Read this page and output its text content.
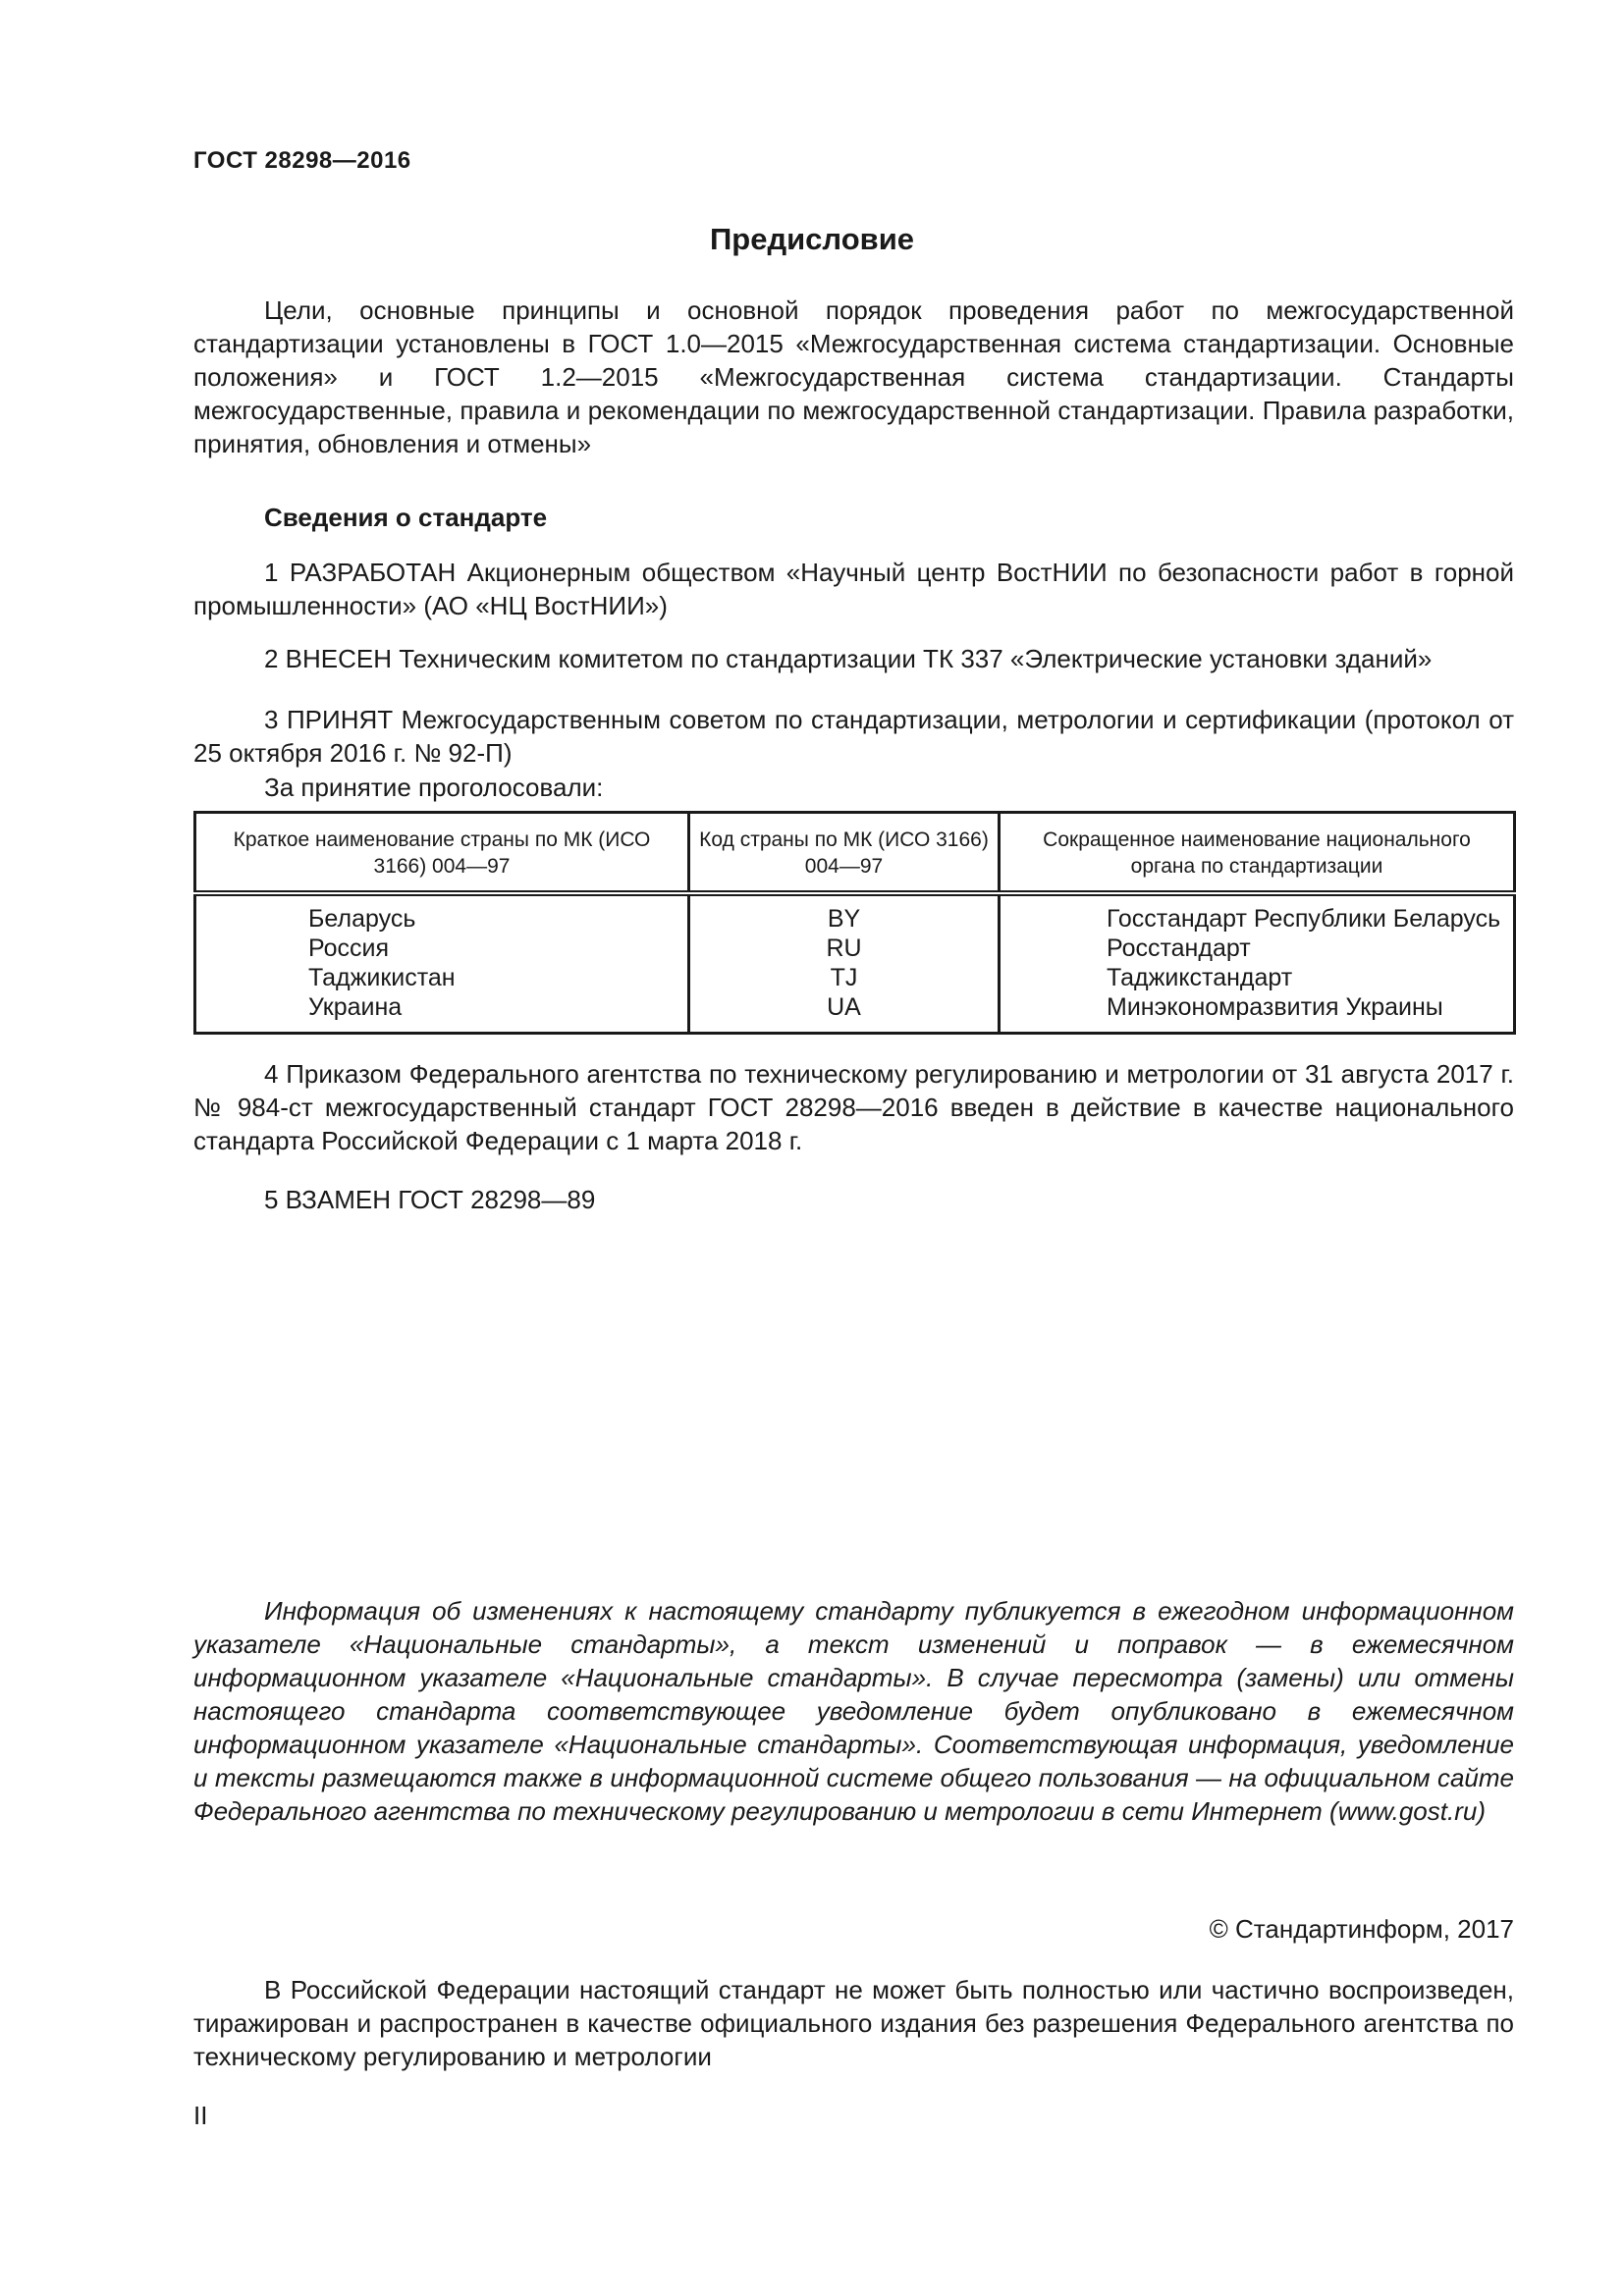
ГОСТ 28298—2016
Предисловие
Цели, основные принципы и основной порядок проведения работ по межгосударственной стандартизации установлены в ГОСТ 1.0—2015 «Межгосударственная система стандартизации. Основные положения» и ГОСТ 1.2—2015 «Межгосударственная система стандартизации. Стандарты межгосударственные, правила и рекомендации по межгосударственной стандартизации. Правила разработки, принятия, обновления и отмены»
Сведения о стандарте
1 РАЗРАБОТАН Акционерным обществом «Научный центр ВостНИИ по безопасности работ в горной промышленности» (АО «НЦ ВостНИИ»)
2 ВНЕСЕН Техническим комитетом по стандартизации ТК 337 «Электрические установки зданий»
3 ПРИНЯТ Межгосударственным советом по стандартизации, метрологии и сертификации (протокол от 25 октября 2016 г. № 92-П)
За принятие проголосовали:
Краткое наименование страны по МК (ИСО 3166) 004—97	Код страны по МК (ИСО 3166) 004—97	Сокращенное наименование национального органа по стандартизации
Беларусь	BY	Госстандарт Республики Беларусь
Россия	RU	Росстандарт
Таджикистан	TJ	Таджикстандарт
Украина	UA	Минэкономразвития Украины
4 Приказом Федерального агентства по техническому регулированию и метрологии от 31 августа 2017 г. № 984-ст межгосударственный стандарт ГОСТ 28298—2016 введен в действие в качестве национального стандарта Российской Федерации с 1 марта 2018 г.
5 ВЗАМЕН ГОСТ 28298—89
Информация об изменениях к настоящему стандарту публикуется в ежегодном информационном указателе «Национальные стандарты», а текст изменений и поправок — в ежемесячном информационном указателе «Национальные стандарты». В случае пересмотра (замены) или отмены настоящего стандарта соответствующее уведомление будет опубликовано в ежемесячном информационном указателе «Национальные стандарты». Соответствующая информация, уведомление и тексты размещаются также в информационной системе общего пользования — на официальном сайте Федерального агентства по техническому регулированию и метрологии в сети Интернет (www.gost.ru)
© Стандартинформ, 2017
В Российской Федерации настоящий стандарт не может быть полностью или частично воспроизведен, тиражирован и распространен в качестве официального издания без разрешения Федерального агентства по техническому регулированию и метрологии
II
